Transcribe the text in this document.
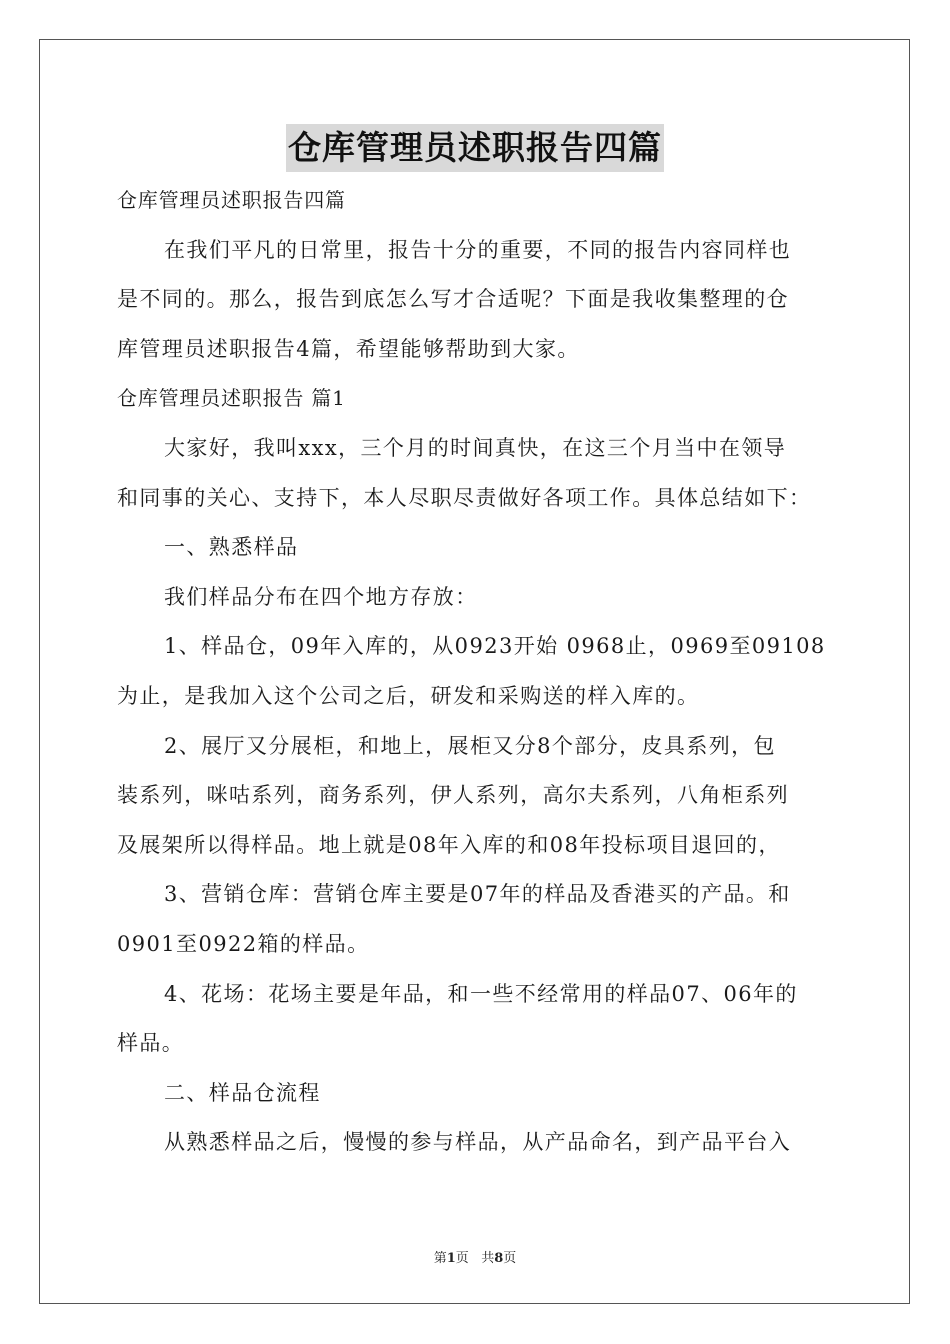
仓库管理员述职报告四篇
仓库管理员述职报告四篇
在我们平凡的日常里，报告十分的重要，不同的报告内容同样也
是不同的。那么，报告到底怎么写才合适呢？下面是我收集整理的仓
库管理员述职报告4篇，希望能够帮助到大家。
仓库管理员述职报告 篇1
大家好，我叫xxx，三个月的时间真快，在这三个月当中在领导
和同事的关心、支持下，本人尽职尽责做好各项工作。具体总结如下：
一、熟悉样品
我们样品分布在四个地方存放：
1、样品仓，09年入库的，从0923开始 0968止，0969至09108
为止，是我加入这个公司之后，研发和采购送的样入库的。
2、展厅又分展柜，和地上，展柜又分8个部分，皮具系列，包
装系列，咪咕系列，商务系列，伊人系列，高尔夫系列，八角柜系列
及展架所以得样品。地上就是08年入库的和08年投标项目退回的，
3、营销仓库：营销仓库主要是07年的样品及香港买的产品。和
0901至0922箱的样品。
4、花场：花场主要是年品，和一些不经常用的样品07、06年的
样品。
二、样品仓流程
从熟悉样品之后，慢慢的参与样品，从产品命名，到产品平台入
第1页 共8页
